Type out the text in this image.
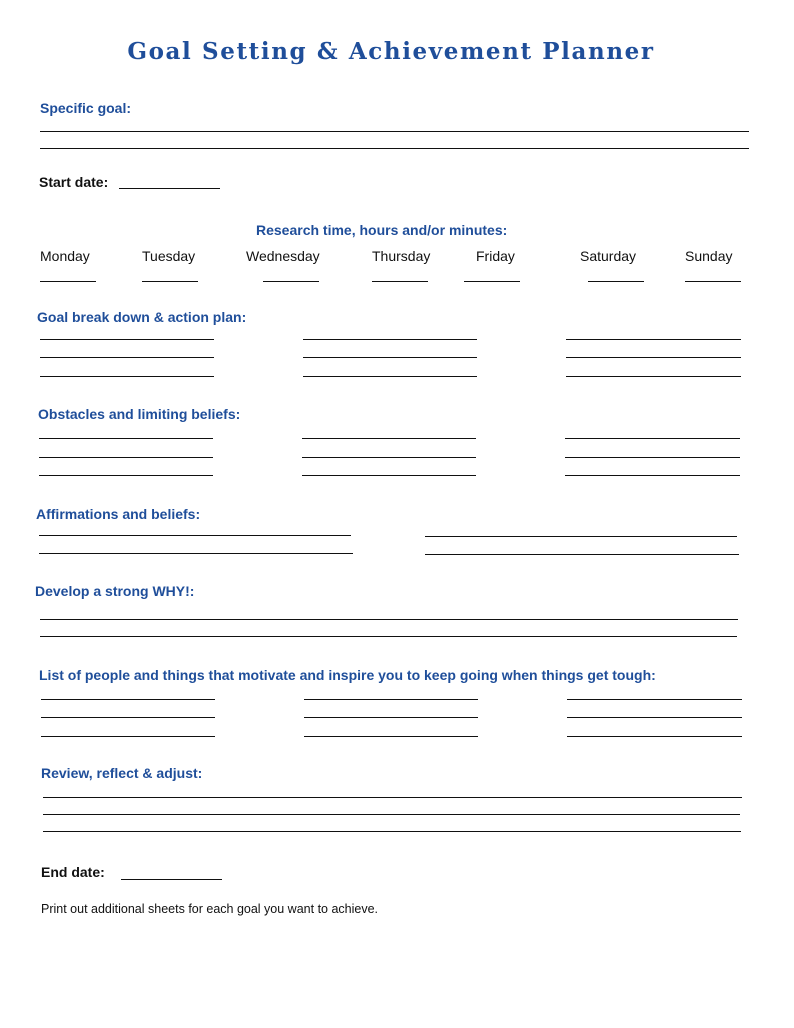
Goal Setting & Achievement Planner
Specific goal:
Start date:
Research time, hours and/or minutes:
Monday	Tuesday	Wednesday	Thursday	Friday	Saturday	Sunday
Goal break down & action plan:
Obstacles and limiting beliefs:
Affirmations and beliefs:
Develop a strong WHY!:
List of people and things that motivate and inspire you to keep going when things get tough:
Review, reflect & adjust:
End date:
Print out additional sheets for each goal you want to achieve.
